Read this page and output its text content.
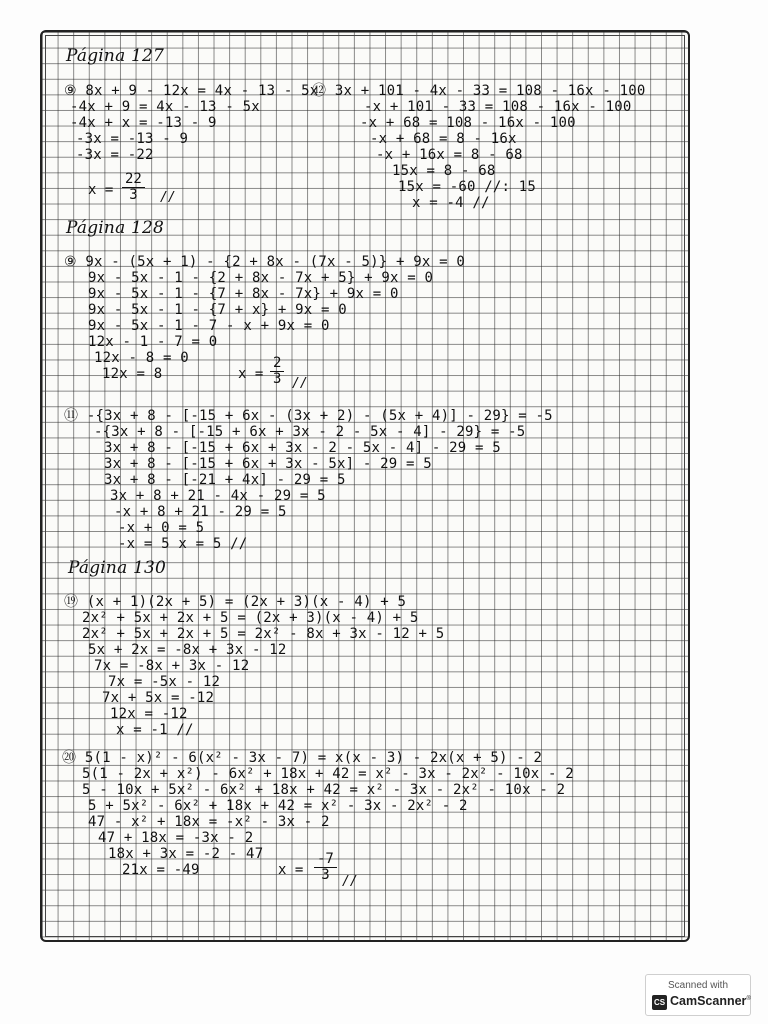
Página 127
⑨ 8x + 9 - 12x = 4x - 13 - 5x
-4x + 9 = 4x - 13 - 5x
-4x + x = -13 - 9
-3x = -13 - 9
-3x = -22
$x = \frac{22}{3}$ //
⑫ 3x + 101 - 4x - 33 = 108 - 16x - 100
-x + 101 - 33 = 108 - 16x - 100
-x + 68 = 108 - 16x - 100
-x + 68 = 8 - 16x
-x + 16x = 8 - 68
15x = 8 - 68
15x = -60 //: 15
x = -4 //
Página 128
⑨ 9x - (5x + 1) - {2 + 8x - (7x - 5)} + 9x = 0
9x - 5x - 1 - {2 + 8x - 7x + 5} + 9x = 0
9x - 5x - 1 - {7 + 8x - 7x} + 9x = 0
9x - 5x - 1 - {7 + x} + 9x = 0
9x - 5x - 1 - 7 - x + 9x = 0
12x - 1 - 7 = 0
12x - 8 = 0
12x = 8	$x = \frac{2}{3}$ //
⑪ -{3x + 8 - [-15 + 6x - (3x + 2) - (5x + 4)] - 29} = -5
-{3x + 8 - [-15 + 6x + 3x - 2 - 5x - 4] - 29} = -5
3x + 8 - [-15 + 6x + 3x - 2 - 5x - 4] - 29 = 5
3x + 8 - [-15 + 6x + 3x - 5x] - 29 = 5
3x + 8 - [-21 + 4x] - 29 = 5
3x + 8 + 21 - 4x - 29 = 5
-x + 8 + 21 - 29 = 5
-x + 0 = 5
-x = 5 x = 5 //
Página 130
⑲ (x + 1)(2x + 5) = (2x + 3)(x - 4) + 5
2x² + 5x + 2x + 5 = (2x + 3)(x - 4) + 5
2x² + 5x + 2x + 5 = 2x² - 8x + 3x - 12 + 5
5x + 2x = -8x + 3x - 12
7x = -8x + 3x - 12
7x = -5x - 12
7x + 5x = -12
12x = -12
x = -1 //
⑳ 5(1 - x)² - 6(x² - 3x - 7) = x(x - 3) - 2x(x + 5) - 2
5(1 - 2x + x²) - 6x² + 18x + 42 = x² - 3x - 2x² - 10x - 2
5 - 10x + 5x² - 6x² + 18x + 42 = x² - 3x - 2x² - 10x - 2
5 + 5x² - 6x² + 18x + 42 = x² - 3x - 2x² - 2
47 - x² + 18x = -x² - 3x - 2
47 + 18x = -3x - 2
18x + 3x = -2 - 47
21x = -49	$x = \frac{-7}{3}$ //
Scanned with
CS CamScanner®
